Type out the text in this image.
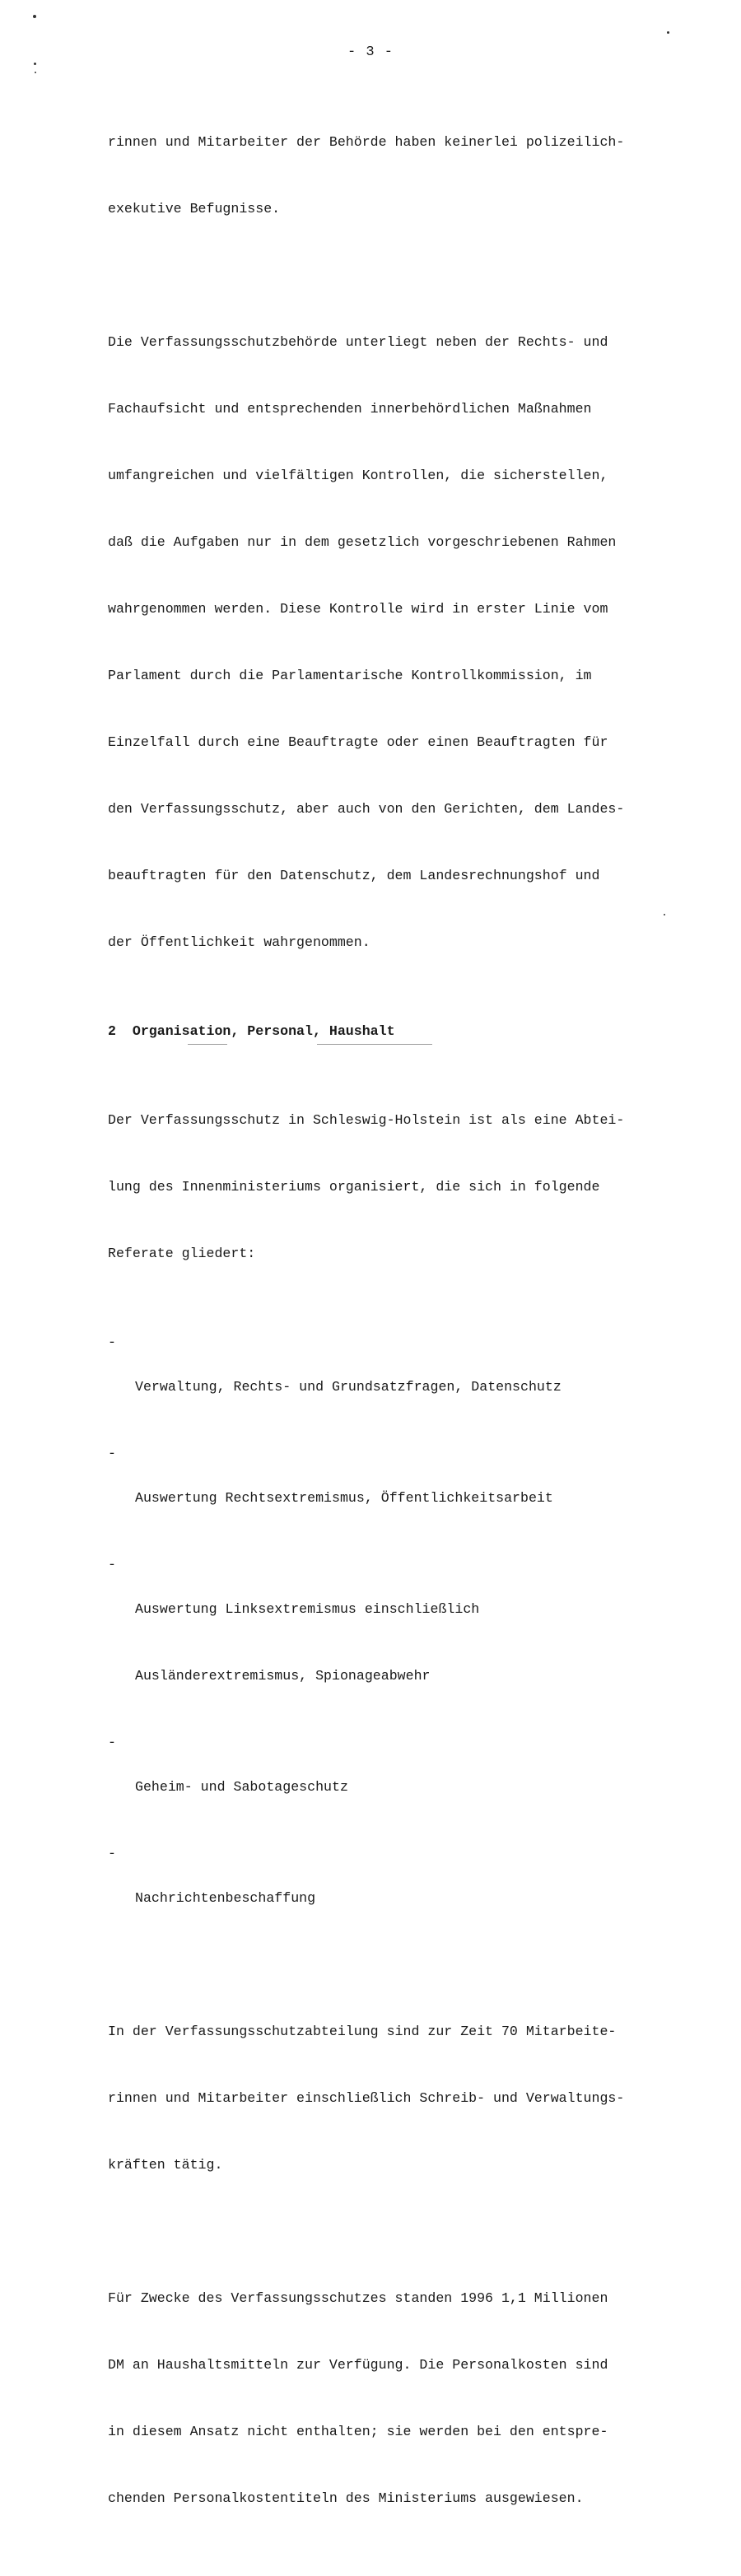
- 3 -

rinnen und Mitarbeiter der Behörde haben keinerlei polizeilich-

exekutive Befugnisse.

Die Verfassungsschutzbehörde unterliegt neben der Rechts- und

Fachaufsicht und entsprechenden innerbehördlichen Maßnahmen

umfangreichen und vielfältigen Kontrollen, die sicherstellen,

daß die Aufgaben nur in dem gesetzlich vorgeschriebenen Rahmen

wahrgenommen werden. Diese Kontrolle wird in erster Linie vom

Parlament durch die Parlamentarische Kontrollkommission, im

Einzelfall durch eine Beauftragte oder einen Beauftragten für

den Verfassungsschutz, aber auch von den Gerichten, dem Landes-

beauftragten für den Datenschutz, dem Landesrechnungshof und

der Öffentlichkeit wahrgenommen.

2  Organisation, Personal, Haushalt

Der Verfassungsschutz in Schleswig-Holstein ist als eine Abtei-

lung des Innenministeriums organisiert, die sich in folgende

Referate gliedert:

-

Verwaltung, Rechts- und Grundsatzfragen, Datenschutz

-

Auswertung Rechtsextremismus, Öffentlichkeitsarbeit

-

Auswertung Linksextremismus einschließlich

Ausländerextremismus, Spionageabwehr

-

Geheim- und Sabotageschutz

-

Nachrichtenbeschaffung

In der Verfassungsschutzabteilung sind zur Zeit 70 Mitarbeite-

rinnen und Mitarbeiter einschließlich Schreib- und Verwaltungs-

kräften tätig.

Für Zwecke des Verfassungsschutzes standen 1996 1,1 Millionen

DM an Haushaltsmitteln zur Verfügung. Die Personalkosten sind

in diesem Ansatz nicht enthalten; sie werden bei den entspre-

chenden Personalkostentiteln des Ministeriums ausgewiesen.
